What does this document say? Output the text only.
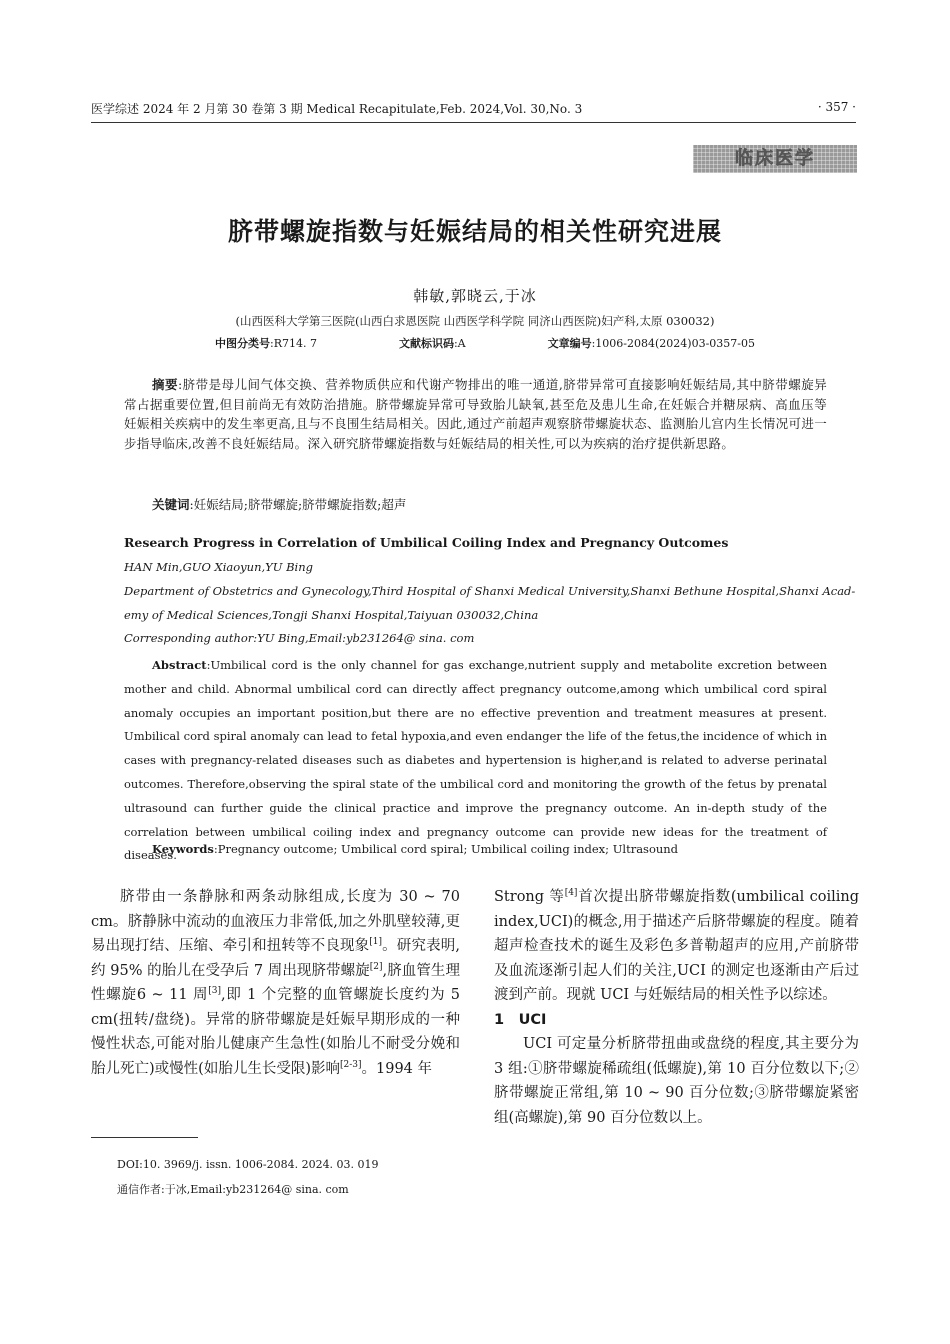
医学综述 2024 年 2 月第 30 卷第 3 期 Medical Recapitulate,Feb. 2024,Vol. 30,No. 3	· 357 ·
临床医学
脐带螺旋指数与妊娠结局的相关性研究进展
韩敏,郭晓云,于冰
(山西医科大学第三医院(山西白求恩医院 山西医学科学院 同济山西医院)妇产科,太原 030032)
中图分类号:R714. 7	文献标识码:A	文章编号:1006-2084(2024)03-0357-05
摘要:脐带是母儿间气体交换、营养物质供应和代谢产物排出的唯一通道,脐带异常可直接影响妊娠结局,其中脐带螺旋异常占据重要位置,但目前尚无有效防治措施。脐带螺旋异常可导致胎儿缺氧,甚至危及患儿生命,在妊娠合并糖尿病、高血压等妊娠相关疾病中的发生率更高,且与不良围生结局相关。因此,通过产前超声观察脐带螺旋状态、监测胎儿宫内生长情况可进一步指导临床,改善不良妊娠结局。深入研究脐带螺旋指数与妊娠结局的相关性,可以为疾病的治疗提供新思路。
关键词:妊娠结局;脐带螺旋;脐带螺旋指数;超声
Research Progress in Correlation of Umbilical Coiling Index and Pregnancy Outcomes
HAN Min,GUO Xiaoyun,YU Bing
Department of Obstetrics and Gynecology,Third Hospital of Shanxi Medical University,Shanxi Bethune Hospital,Shanxi Acad-
emy of Medical Sciences,Tongji Shanxi Hospital,Taiyuan 030032,China
Corresponding author:YU Bing,Email:yb231264@ sina. com
Abstract:Umbilical cord is the only channel for gas exchange,nutrient supply and metabolite excretion between mother and child. Abnormal umbilical cord can directly affect pregnancy outcome,among which umbilical cord spiral anomaly occupies an important position,but there are no effective prevention and treatment measures at present. Umbilical cord spiral anomaly can lead to fetal hypoxia,and even endanger the life of the fetus,the incidence of which in cases with pregnancy-related diseases such as diabetes and hypertension is higher,and is related to adverse perinatal outcomes. Therefore,observing the spiral state of the umbilical cord and monitoring the growth of the fetus by prenatal ultrasound can further guide the clinical practice and improve the pregnancy outcome. An in-depth study of the correlation between umbilical coiling index and pregnancy outcome can provide new ideas for the treatment of diseases.
Keywords:Pregnancy outcome; Umbilical cord spiral; Umbilical coiling index; Ultrasound

脐带由一条静脉和两条动脉组成,长度为 30 ~ 70 cm。脐静脉中流动的血液压力非常低,加之外肌壁较薄,更易出现打结、压缩、牵引和扭转等不良现象[1]。研究表明,约 95% 的胎儿在受孕后 7 周出现脐带螺旋[2],脐血管生理性螺旋6 ~ 11 周[3],即 1 个完整的血管螺旋长度约为 5 cm(扭转/盘绕)。异常的脐带螺旋是妊娠早期形成的一种慢性状态,可能对胎儿健康产生急性(如胎儿不耐受分娩和胎儿死亡)或慢性(如胎儿生长受限)影响[2-3]。1994 年

Strong 等[4]首次提出脐带螺旋指数(umbilical coiling index,UCI)的概念,用于描述产后脐带螺旋的程度。随着超声检查技术的诞生及彩色多普勒超声的应用,产前脐带及血流逐渐引起人们的关注,UCI 的测定也逐渐由产后过渡到产前。现就 UCI 与妊娠结局的相关性予以综述。

1　UCI

UCI 可定量分析脐带扭曲或盘绕的程度,其主要分为 3 组:①脐带螺旋稀疏组(低螺旋),第 10 百分位数以下;②脐带螺旋正常组,第 10 ~ 90 百分位数;③脐带螺旋紧密组(高螺旋),第 90 百分位数以上。

DOI:10. 3969/j. issn. 1006-2084. 2024. 03. 019
通信作者:于冰,Email:yb231264@ sina. com
